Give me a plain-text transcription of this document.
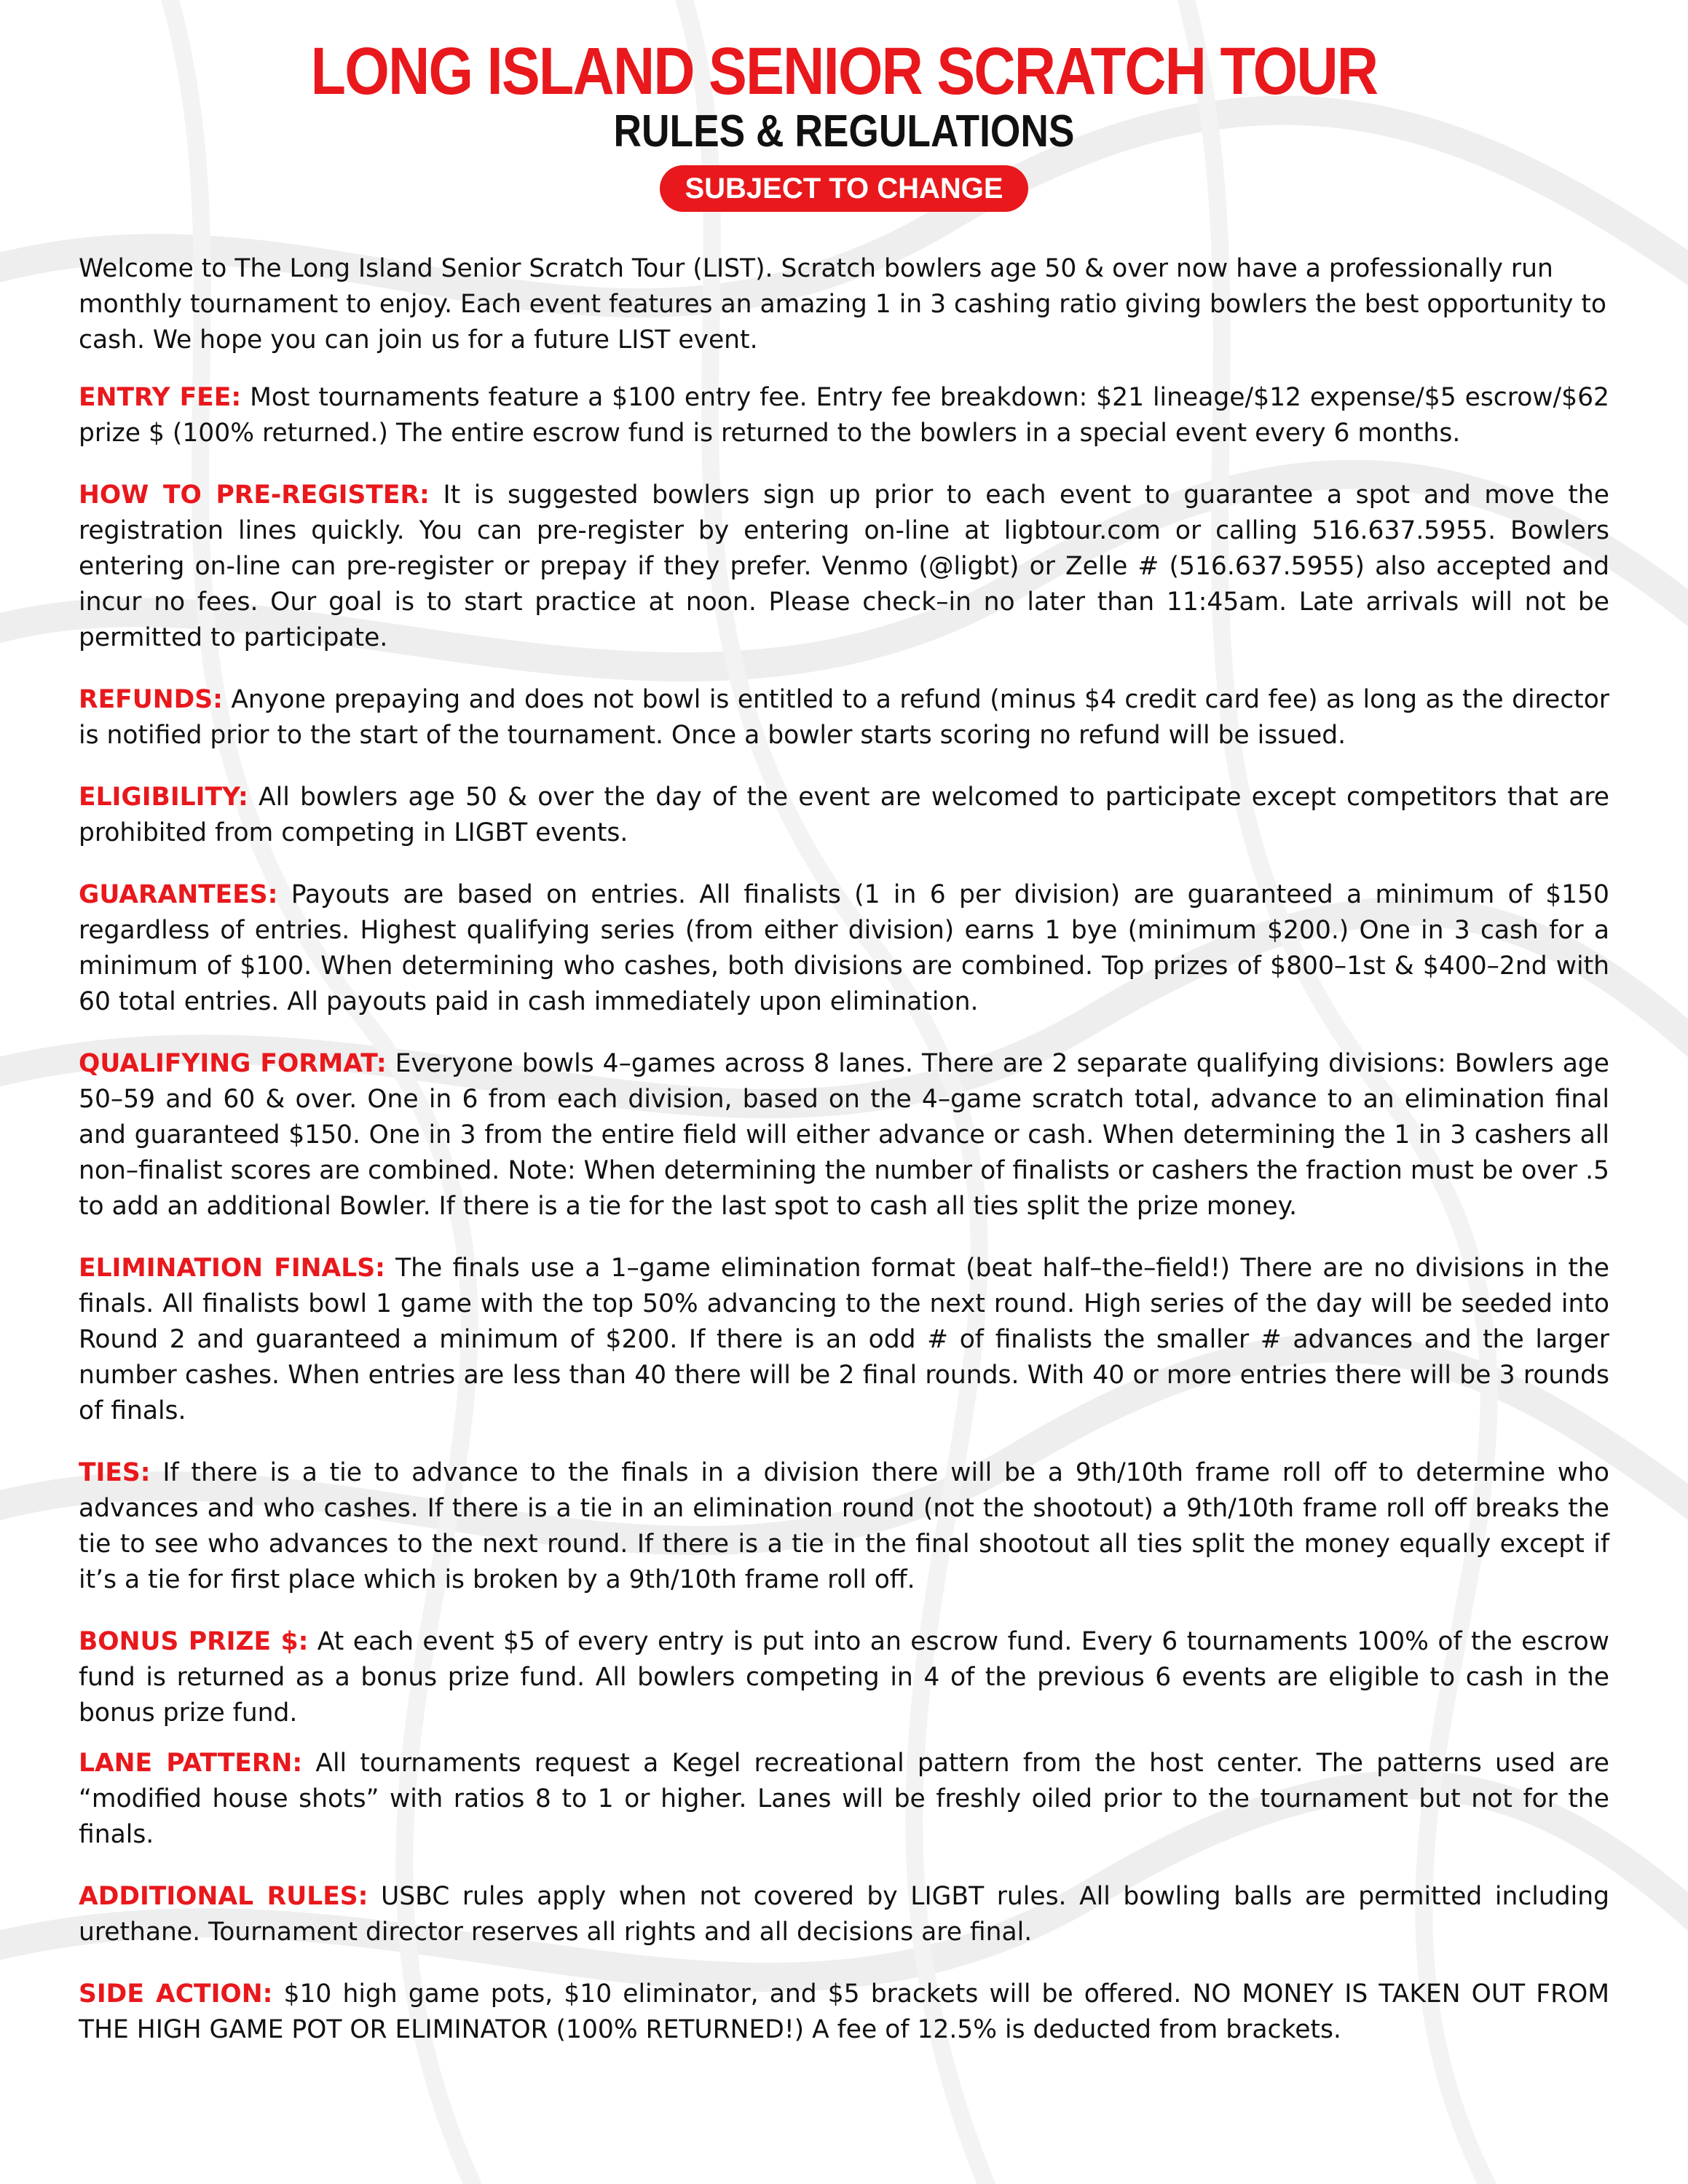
LONG ISLAND SENIOR SCRATCH TOUR
RULES & REGULATIONS
SUBJECT TO CHANGE

Welcome to The Long Island Senior Scratch Tour (LIST). Scratch bowlers age 50 & over now have a professionally run monthly tournament to enjoy. Each event features an amazing 1 in 3 cashing ratio giving bowlers the best opportunity to cash. We hope you can join us for a future LIST event.

ENTRY FEE: Most tournaments feature a $100 entry fee. Entry fee breakdown: $21 lineage/$12 expense/$5 escrow/$62 prize $ (100% returned.) The entire escrow fund is returned to the bowlers in a special event every 6 months.

HOW TO PRE-REGISTER: It is suggested bowlers sign up prior to each event to guarantee a spot and move the registration lines quickly. You can pre-register by entering on-line at ligbtour.com or calling 516.637.5955. Bowlers entering on-line can pre-register or prepay if they prefer. Venmo (@ligbt) or Zelle # (516.637.5955) also accepted and incur no fees. Our goal is to start practice at noon. Please check–in no later than 11:45am. Late arrivals will not be permitted to participate.

REFUNDS: Anyone prepaying and does not bowl is entitled to a refund (minus $4 credit card fee) as long as the director is notified prior to the start of the tournament. Once a bowler starts scoring no refund will be issued.

ELIGIBILITY: All bowlers age 50 & over the day of the event are welcomed to participate except competitors that are prohibited from competing in LIGBT events.

GUARANTEES: Payouts are based on entries. All finalists (1 in 6 per division) are guaranteed a minimum of $150 regardless of entries. Highest qualifying series (from either division) earns 1 bye (minimum $200.) One in 3 cash for a minimum of $100. When determining who cashes, both divisions are combined. Top prizes of $800–1st & $400–2nd with 60 total entries. All payouts paid in cash immediately upon elimination.

QUALIFYING FORMAT: Everyone bowls 4–games across 8 lanes. There are 2 separate qualifying divisions: Bowlers age 50–59 and 60 & over. One in 6 from each division, based on the 4–game scratch total, advance to an elimination final and guaranteed $150. One in 3 from the entire field will either advance or cash. When determining the 1 in 3 cashers all non–finalist scores are combined. Note: When determining the number of finalists or cashers the fraction must be over .5 to add an additional Bowler. If there is a tie for the last spot to cash all ties split the prize money.

ELIMINATION FINALS: The finals use a 1–game elimination format (beat half–the–field!) There are no divisions in the finals. All finalists bowl 1 game with the top 50% advancing to the next round. High series of the day will be seeded into Round 2 and guaranteed a minimum of $200. If there is an odd # of finalists the smaller # advances and the larger number cashes. When entries are less than 40 there will be 2 final rounds. With 40 or more entries there will be 3 rounds of finals.

TIES: If there is a tie to advance to the finals in a division there will be a 9th/10th frame roll off to determine who advances and who cashes. If there is a tie in an elimination round (not the shootout) a 9th/10th frame roll off breaks the tie to see who advances to the next round. If there is a tie in the final shootout all ties split the money equally except if it’s a tie for first place which is broken by a 9th/10th frame roll off.

BONUS PRIZE $: At each event $5 of every entry is put into an escrow fund. Every 6 tournaments 100% of the escrow fund is returned as a bonus prize fund. All bowlers competing in 4 of the previous 6 events are eligible to cash in the bonus prize fund.

LANE PATTERN: All tournaments request a Kegel recreational pattern from the host center. The patterns used are “modified house shots” with ratios 8 to 1 or higher. Lanes will be freshly oiled prior to the tournament but not for the finals.

ADDITIONAL RULES: USBC rules apply when not covered by LIGBT rules. All bowling balls are permitted including urethane. Tournament director reserves all rights and all decisions are final.

SIDE ACTION: $10 high game pots, $10 eliminator, and $5 brackets will be offered. NO MONEY IS TAKEN OUT FROM THE HIGH GAME POT OR ELIMINATOR (100% RETURNED!) A fee of 12.5% is deducted from brackets.
